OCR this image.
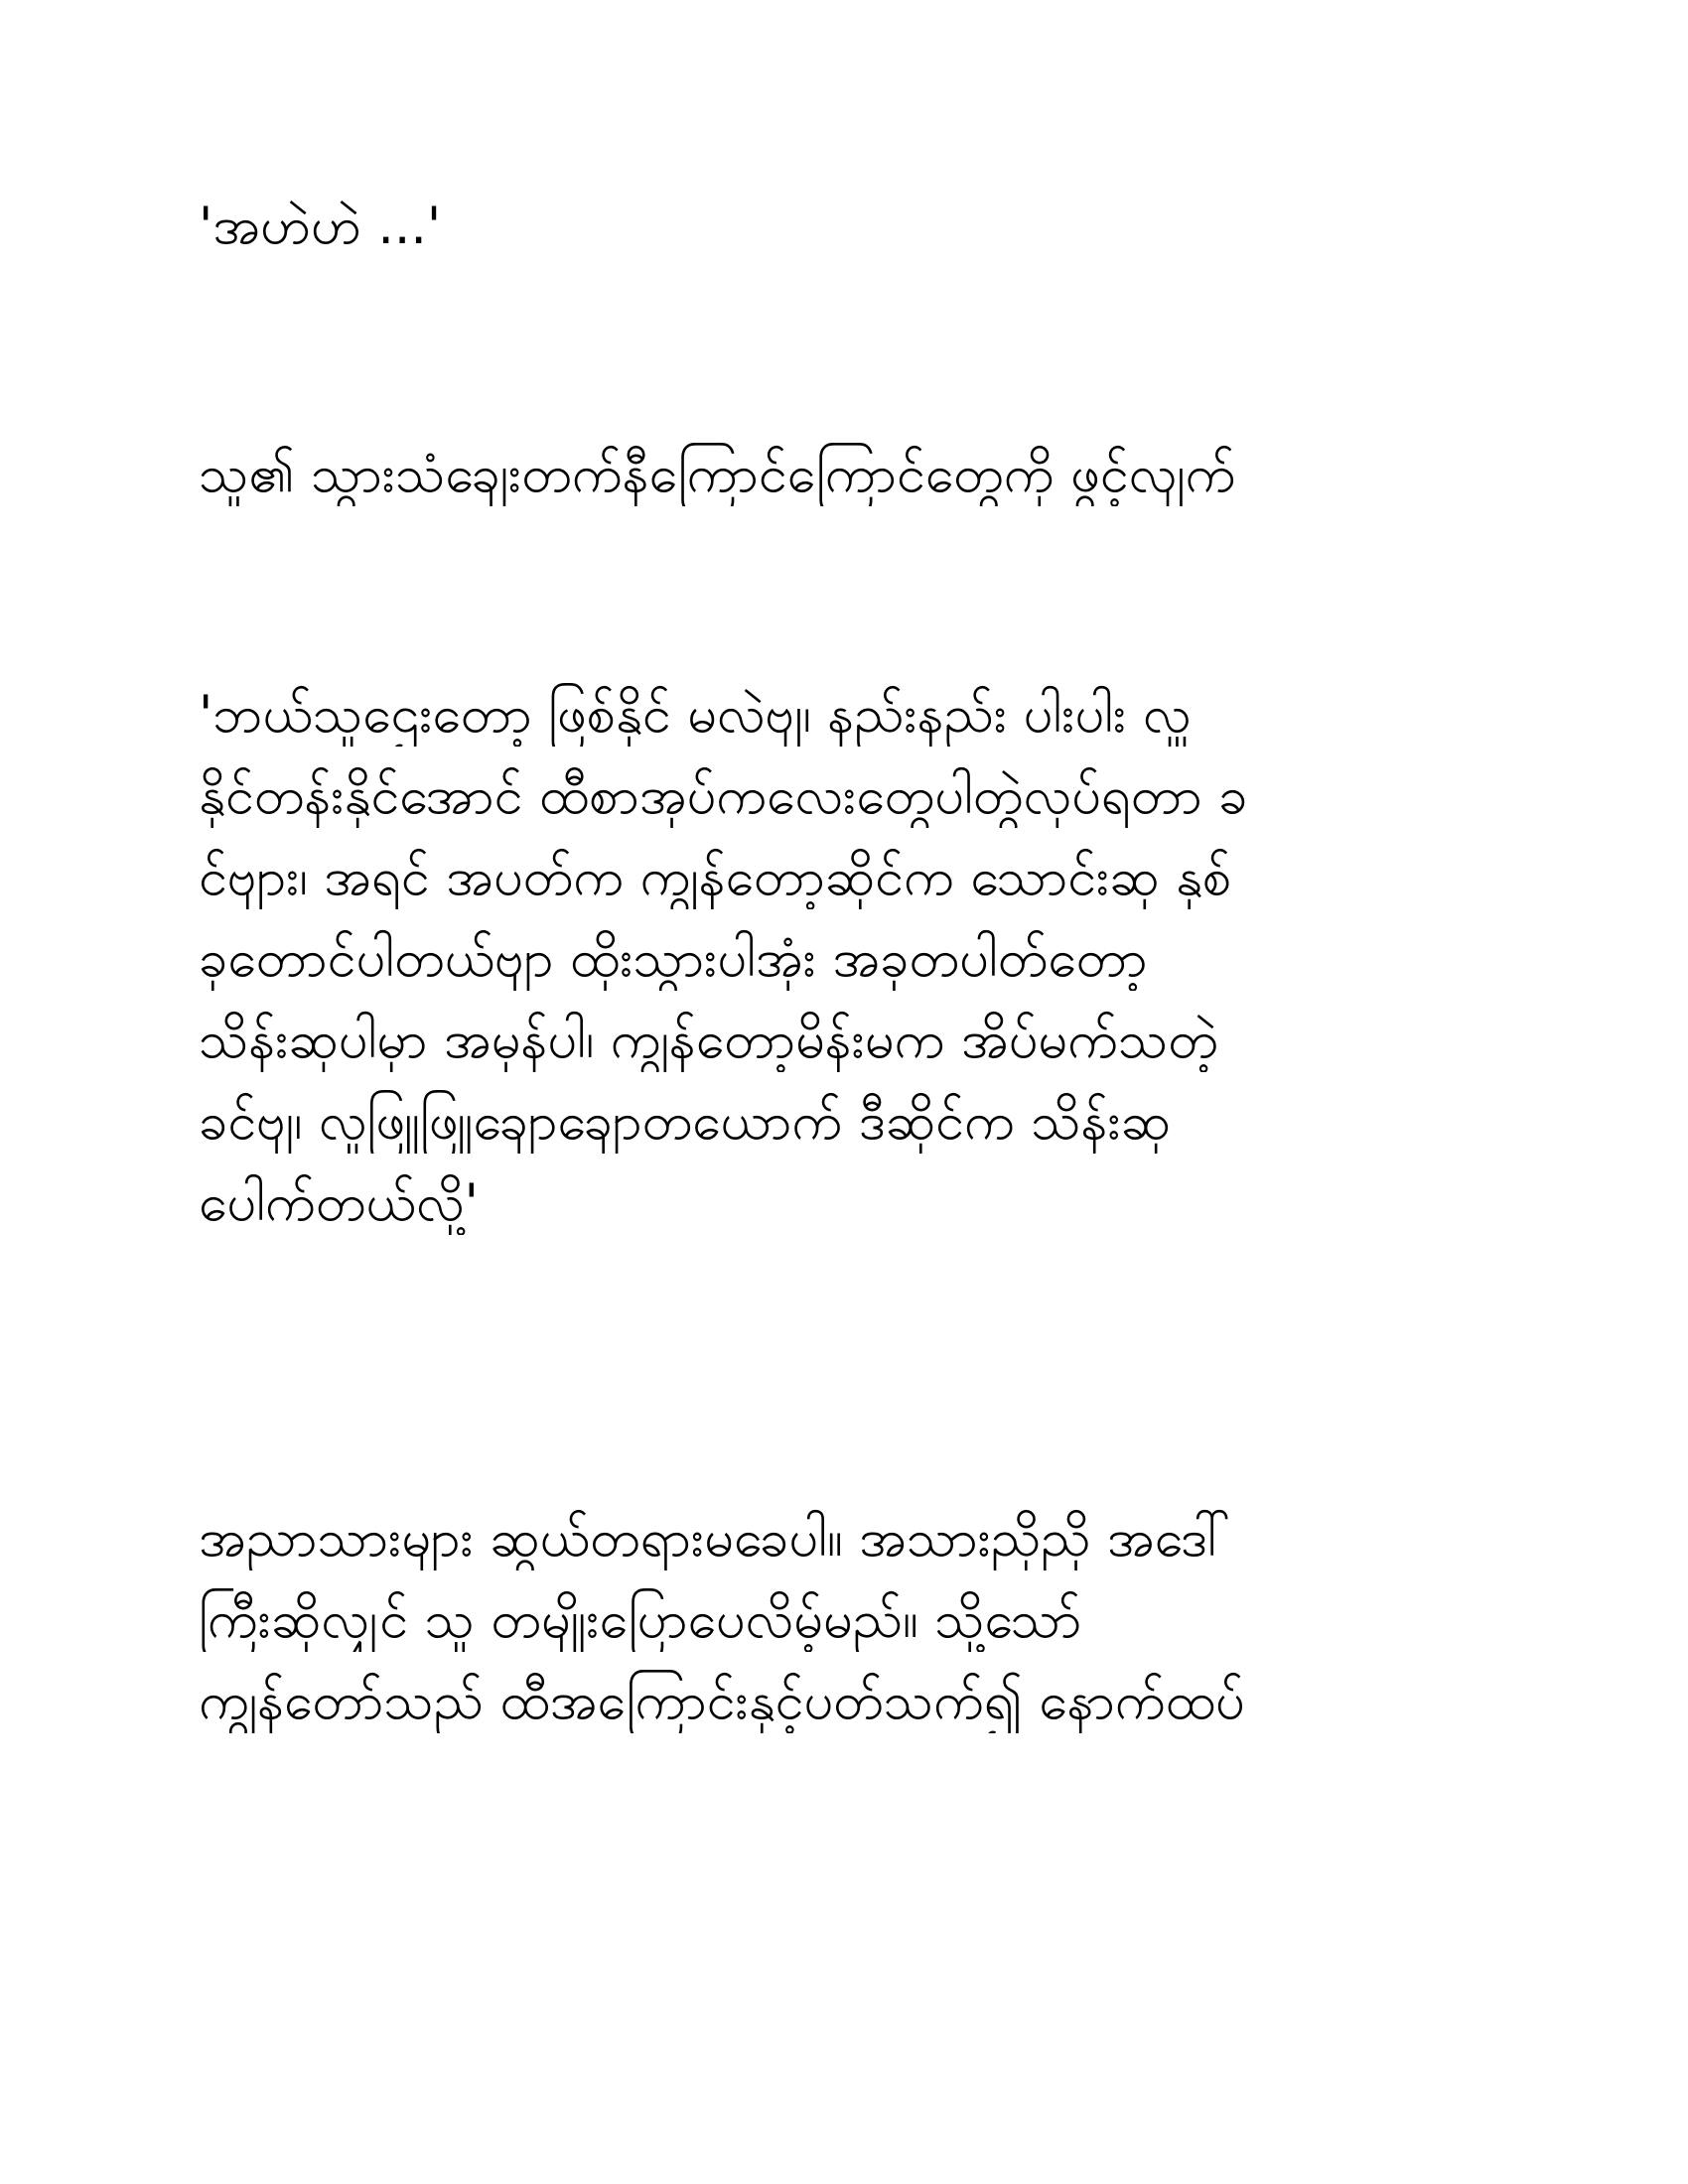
'အဟဲဟဲ ...'
သူ၏ သွားသံချေးတက်နီကြောင်ကြောင်တွေကို ဖွင့်လျက်
'ဘယ်သူဌေးတော့ ဖြစ်နိုင် မလဲဗျ၊ နည်းနည်း ပါးပါး လှူ
နိုင်တန်းနိုင်အောင် ထီစာအုပ်ကလေးတွေပါတွဲလုပ်ရတာ ခ
င်ဗျား၊ အရင် အပတ်က ကျွန်တော့ဆိုင်က သောင်းဆု နှစ်
ခုတောင်ပါတယ်ဗျာ ထိုးသွားပါအုံး အခုတပါတ်တော့
သိန်းဆုပါမှာ အမှန်ပါ၊ ကျွန်တော့မိန်းမက အိပ်မက်သတဲ့
ခင်ဗျ၊ လူဖြူဖြူချောချောတယောက် ဒီဆိုင်က သိန်းဆု
ပေါက်တယ်လို့'
အညာသားများ ဆွယ်တရားမခေပါ။ အသားညိုညို အဒေါ်
ကြီးဆိုလျှင် သူ တမျိုးပြောပေလိမ့်မည်။ သို့သော်
ကျွန်တော်သည် ထီအကြောင်းနှင့်ပတ်သက်၍ နောက်ထပ်
